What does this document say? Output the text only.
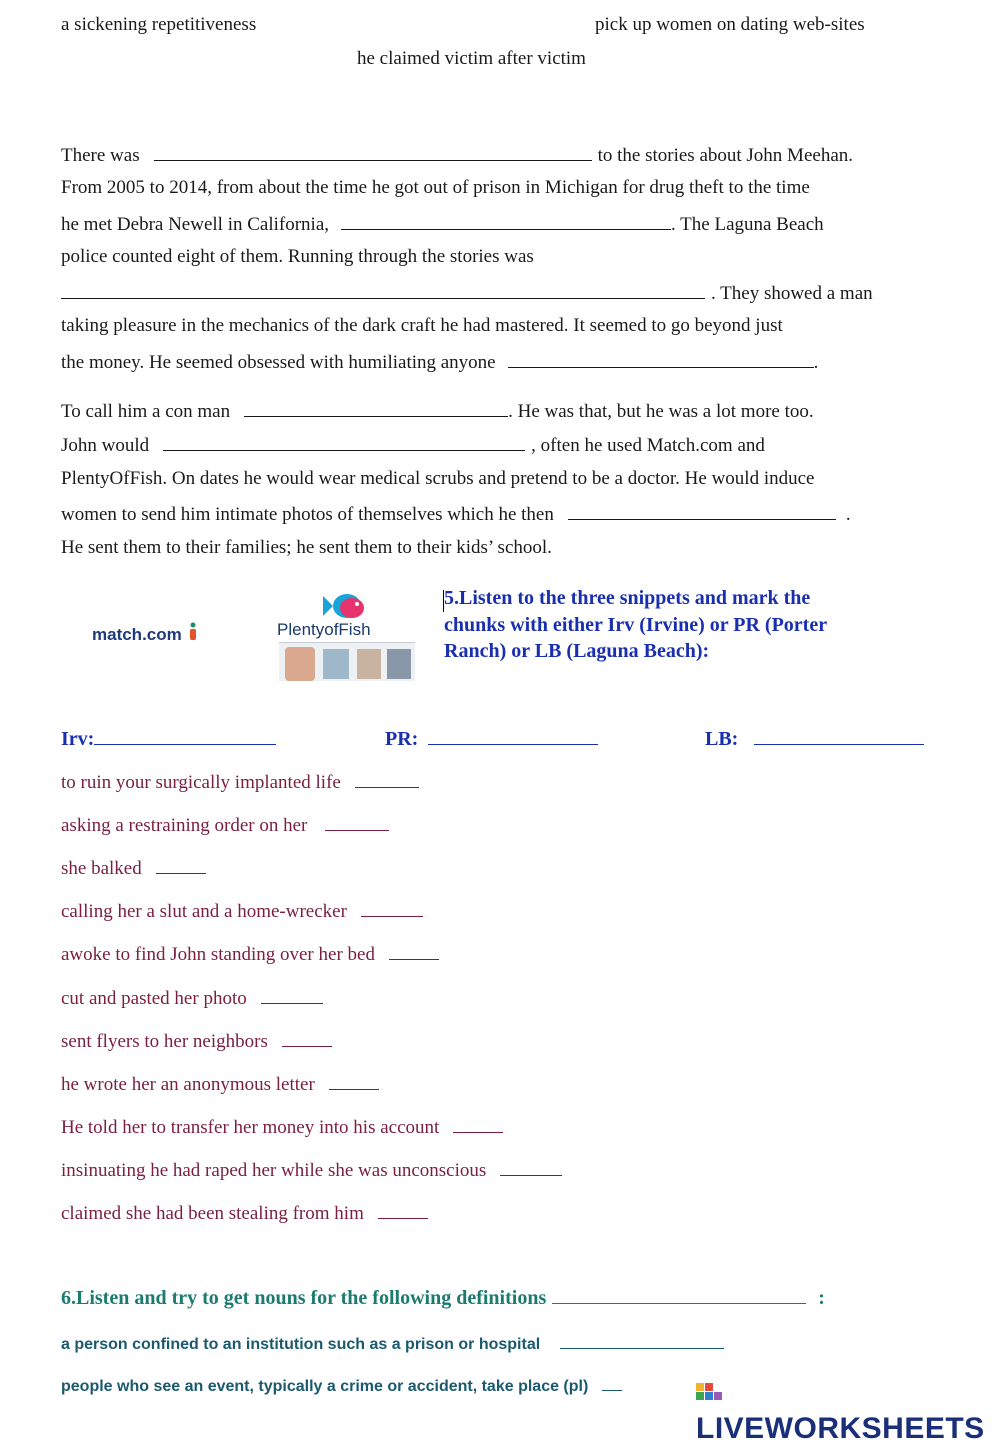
a sickening repetitiveness	pick up women on dating web-sites
he claimed victim after victim
There was	to the stories about John Meehan.
From 2005 to 2014, from about the time he got out of prison in Michigan for drug theft to the time
he met Debra Newell in California,	. The Laguna Beach
police counted eight of them. Running through the stories was
. They showed a man
taking pleasure in the mechanics of the dark craft he had mastered. It seemed to go beyond just
the money. He seemed obsessed with humiliating anyone	.
To call him a con man	. He was that, but he was a lot more too.
John would	, often he used Match.com and
PlentyOfFish. On dates he would wear medical scrubs and pretend to be a doctor. He would induce
women to send him intimate photos of themselves which he then	.
He sent them to their families; he sent them to their kids’ school.
match.com	PlentyofFish
5.Listen to the three snippets and mark the
chunks with either Irv (Irvine) or PR (Porter
Ranch) or LB (Laguna Beach):
Irv:	PR:	LB:
to ruin your surgically implanted life
asking a restraining order on her
she balked
calling her a slut and a home-wrecker
awoke to find John standing over her bed
cut and pasted her photo
sent flyers to her neighbors
he wrote her an anonymous letter
He told her to transfer her money into his account
insinuating he had raped her while she was unconscious
claimed she had been stealing from him
6.Listen and try to get nouns for the following definitions	:
a person confined to an institution such as a prison or hospital
people who see an event, typically a crime or accident, take place (pl)
LIVEWORKSHEETS
